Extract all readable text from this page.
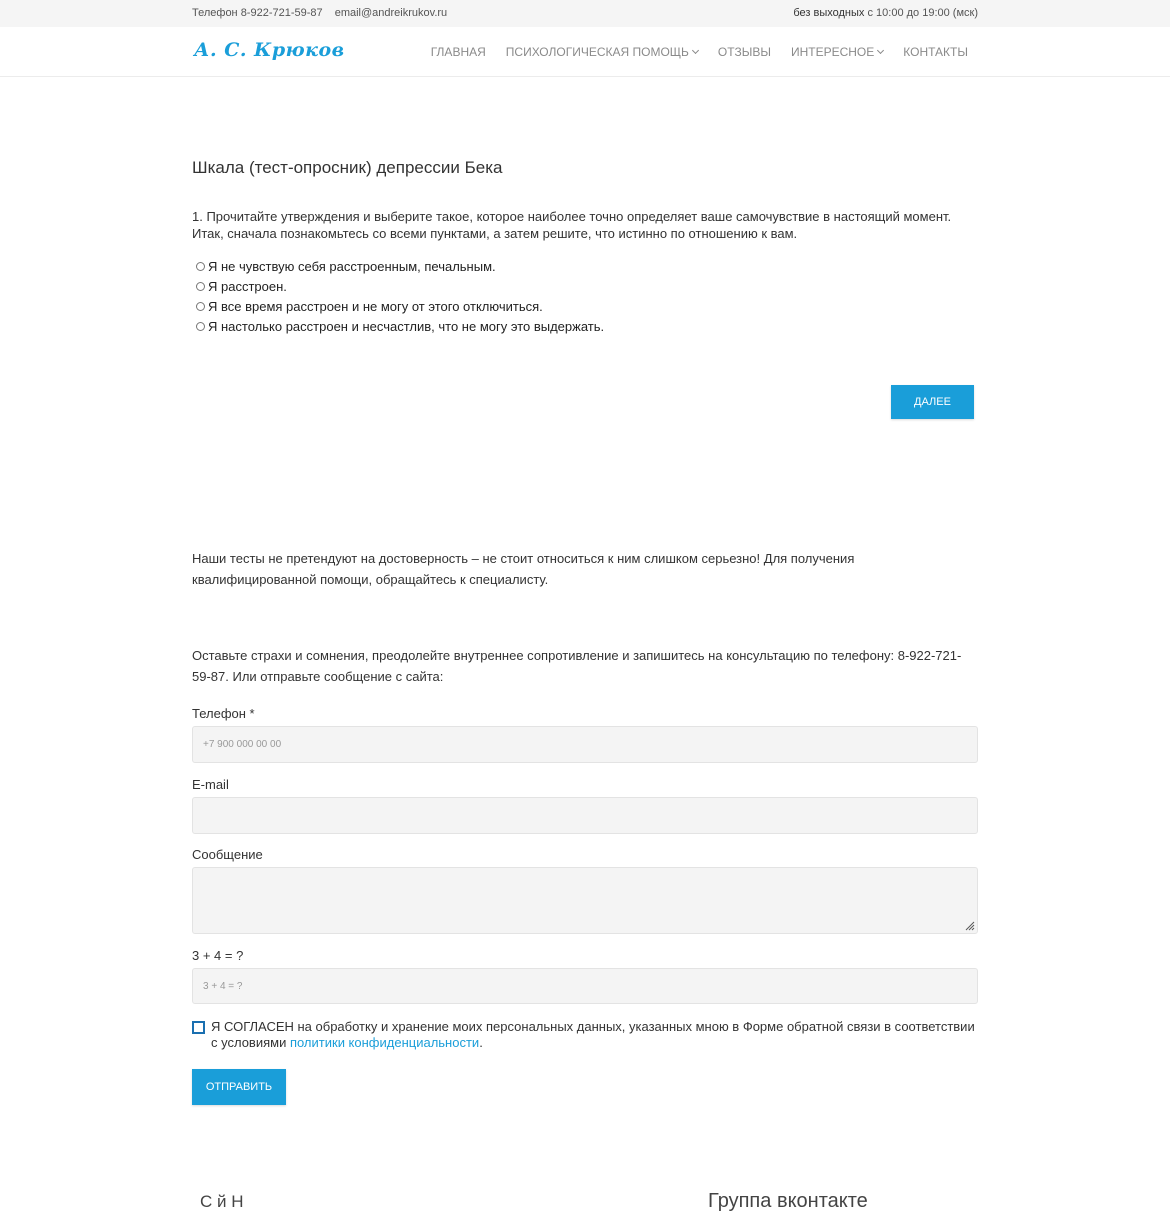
Телефон 8-922-721-59-87 email@andreikrukov.ru	без выходных с 10:00 до 19:00 (мск)
А. С. Крюков	ГЛАВНАЯ ПСИХОЛОГИЧЕСКАЯ ПОМОЩЬ ОТЗЫВЫ ИНТЕРЕСНОЕ КОНТАКТЫ
Шкала (тест-опросник) депрессии Бека
1. Прочитайте утверждения и выберите такое, которое наиболее точно определяет ваше самочувствие в настоящий момент. Итак, сначала познакомьтесь со всеми пунктами, а затем решите, что истинно по отношению к вам.
Я не чувствую себя расстроенным, печальным.
Я расстроен.
Я все время расстроен и не могу от этого отключиться.
Я настолько расстроен и несчастлив, что не могу это выдержать.
ДАЛЕЕ

Наши тесты не претендуют на достоверность – не стоит относиться к ним слишком серьезно! Для получения квалифицированной помощи, обращайтесь к специалисту.

Оставьте страхи и сомнения, преодолейте внутреннее сопротивление и запишитесь на консультацию по телефону: 8-922-721-59-87. Или отправьте сообщение с сайта:

Телефон *
+7 900 000 00 00
E-mail
Сообщение
3 + 4 = ?
3 + 4 = ?
Я СОГЛАСЕН на обработку и хранение моих персональных данных, указанных мною в Форме обратной связи в соответствии с условиями политики конфиденциальности.
ОТПРАВИТЬ
С й Н	Группа вконтакте
